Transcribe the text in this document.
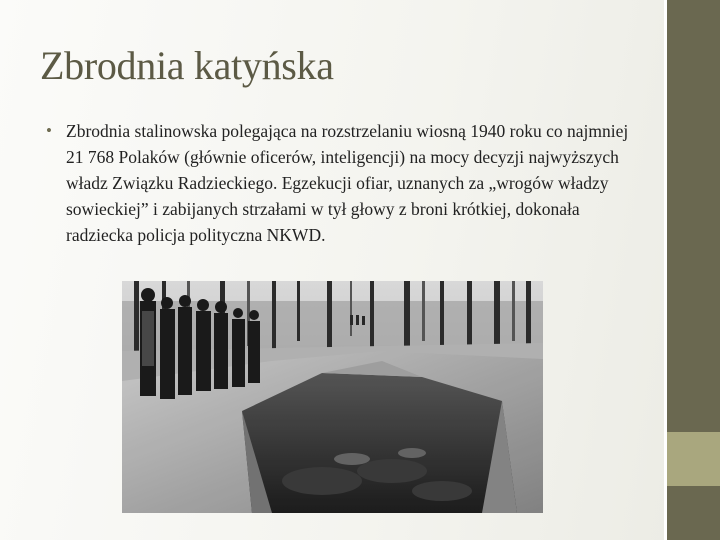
Zbrodnia katyńska
• Zbrodnia stalinowska polegająca na rozstrzelaniu wiosną 1940 roku co najmniej 21 768 Polaków (głównie oficerów, inteligencji) na mocy decyzji najwyższych władz Związku Radzieckiego. Egzekucji ofiar, uznanych za „wrogów władzy sowieckiej” i zabijanych strzałami w tył głowy z broni krótkiej, dokonała radziecka policja polityczna NKWD.
